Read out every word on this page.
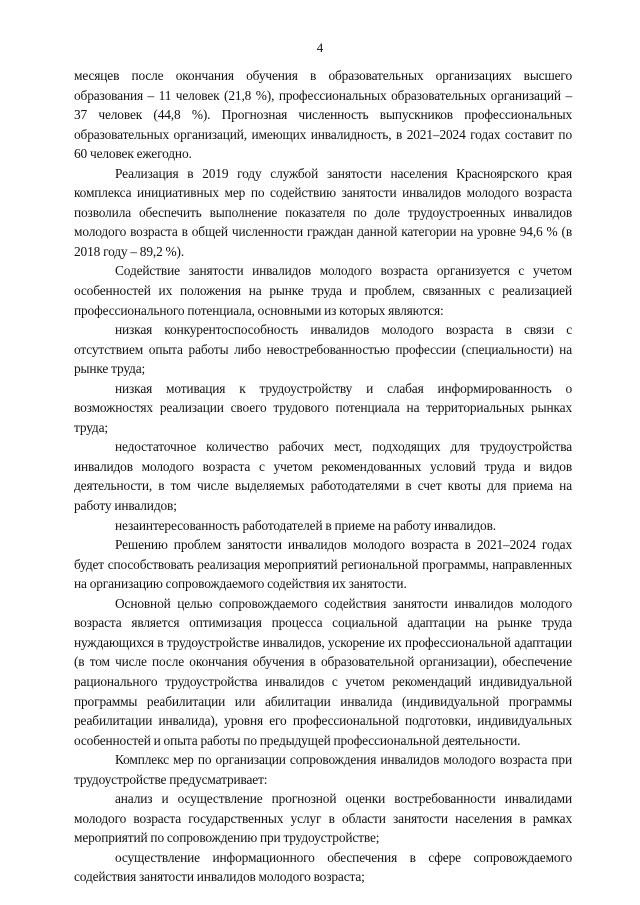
4

месяцев после окончания обучения в образовательных организациях высшего образования – 11 человек (21,8 %), профессиональных образовательных организаций – 37 человек (44,8 %). Прогнозная численность выпускников профессиональных образовательных организаций, имеющих инвалидность, в 2021–2024 годах составит по 60 человек ежегодно.

Реализация в 2019 году службой занятости населения Красноярского края комплекса инициативных мер по содействию занятости инвалидов молодого возраста позволила обеспечить выполнение показателя по доле трудоустроенных инвалидов молодого возраста в общей численности граждан данной категории на уровне 94,6 % (в 2018 году – 89,2 %).

Содействие занятости инвалидов молодого возраста организуется с учетом особенностей их положения на рынке труда и проблем, связанных с реализацией профессионального потенциала, основными из которых являются:

низкая конкурентоспособность инвалидов молодого возраста в связи с отсутствием опыта работы либо невостребованностью профессии (специальности) на рынке труда;

низкая мотивация к трудоустройству и слабая информированность о возможностях реализации своего трудового потенциала на территориальных рынках труда;

недостаточное количество рабочих мест, подходящих для трудоустройства инвалидов молодого возраста с учетом рекомендованных условий труда и видов деятельности, в том числе выделяемых работодателями в счет квоты для приема на работу инвалидов;

незаинтересованность работодателей в приеме на работу инвалидов.

Решению проблем занятости инвалидов молодого возраста в 2021–2024 годах будет способствовать реализация мероприятий региональной программы, направленных на организацию сопровождаемого содействия их занятости.

Основной целью сопровождаемого содействия занятости инвалидов молодого возраста является оптимизация процесса социальной адаптации на рынке труда нуждающихся в трудоустройстве инвалидов, ускорение их профессиональной адаптации (в том числе после окончания обучения в образовательной организации), обеспечение рационального трудоустройства инвалидов с учетом рекомендаций индивидуальной программы реабилитации или абилитации инвалида (индивидуальной программы реабилитации инвалида), уровня его профессиональной подготовки, индивидуальных особенностей и опыта работы по предыдущей профессиональной деятельности.

Комплекс мер по организации сопровождения инвалидов молодого возраста при трудоустройстве предусматривает:

анализ и осуществление прогнозной оценки востребованности инвалидами молодого возраста государственных услуг в области занятости населения в рамках мероприятий по сопровождению при трудоустройстве;

осуществление информационного обеспечения в сфере сопровождаемого содействия занятости инвалидов молодого возраста;
